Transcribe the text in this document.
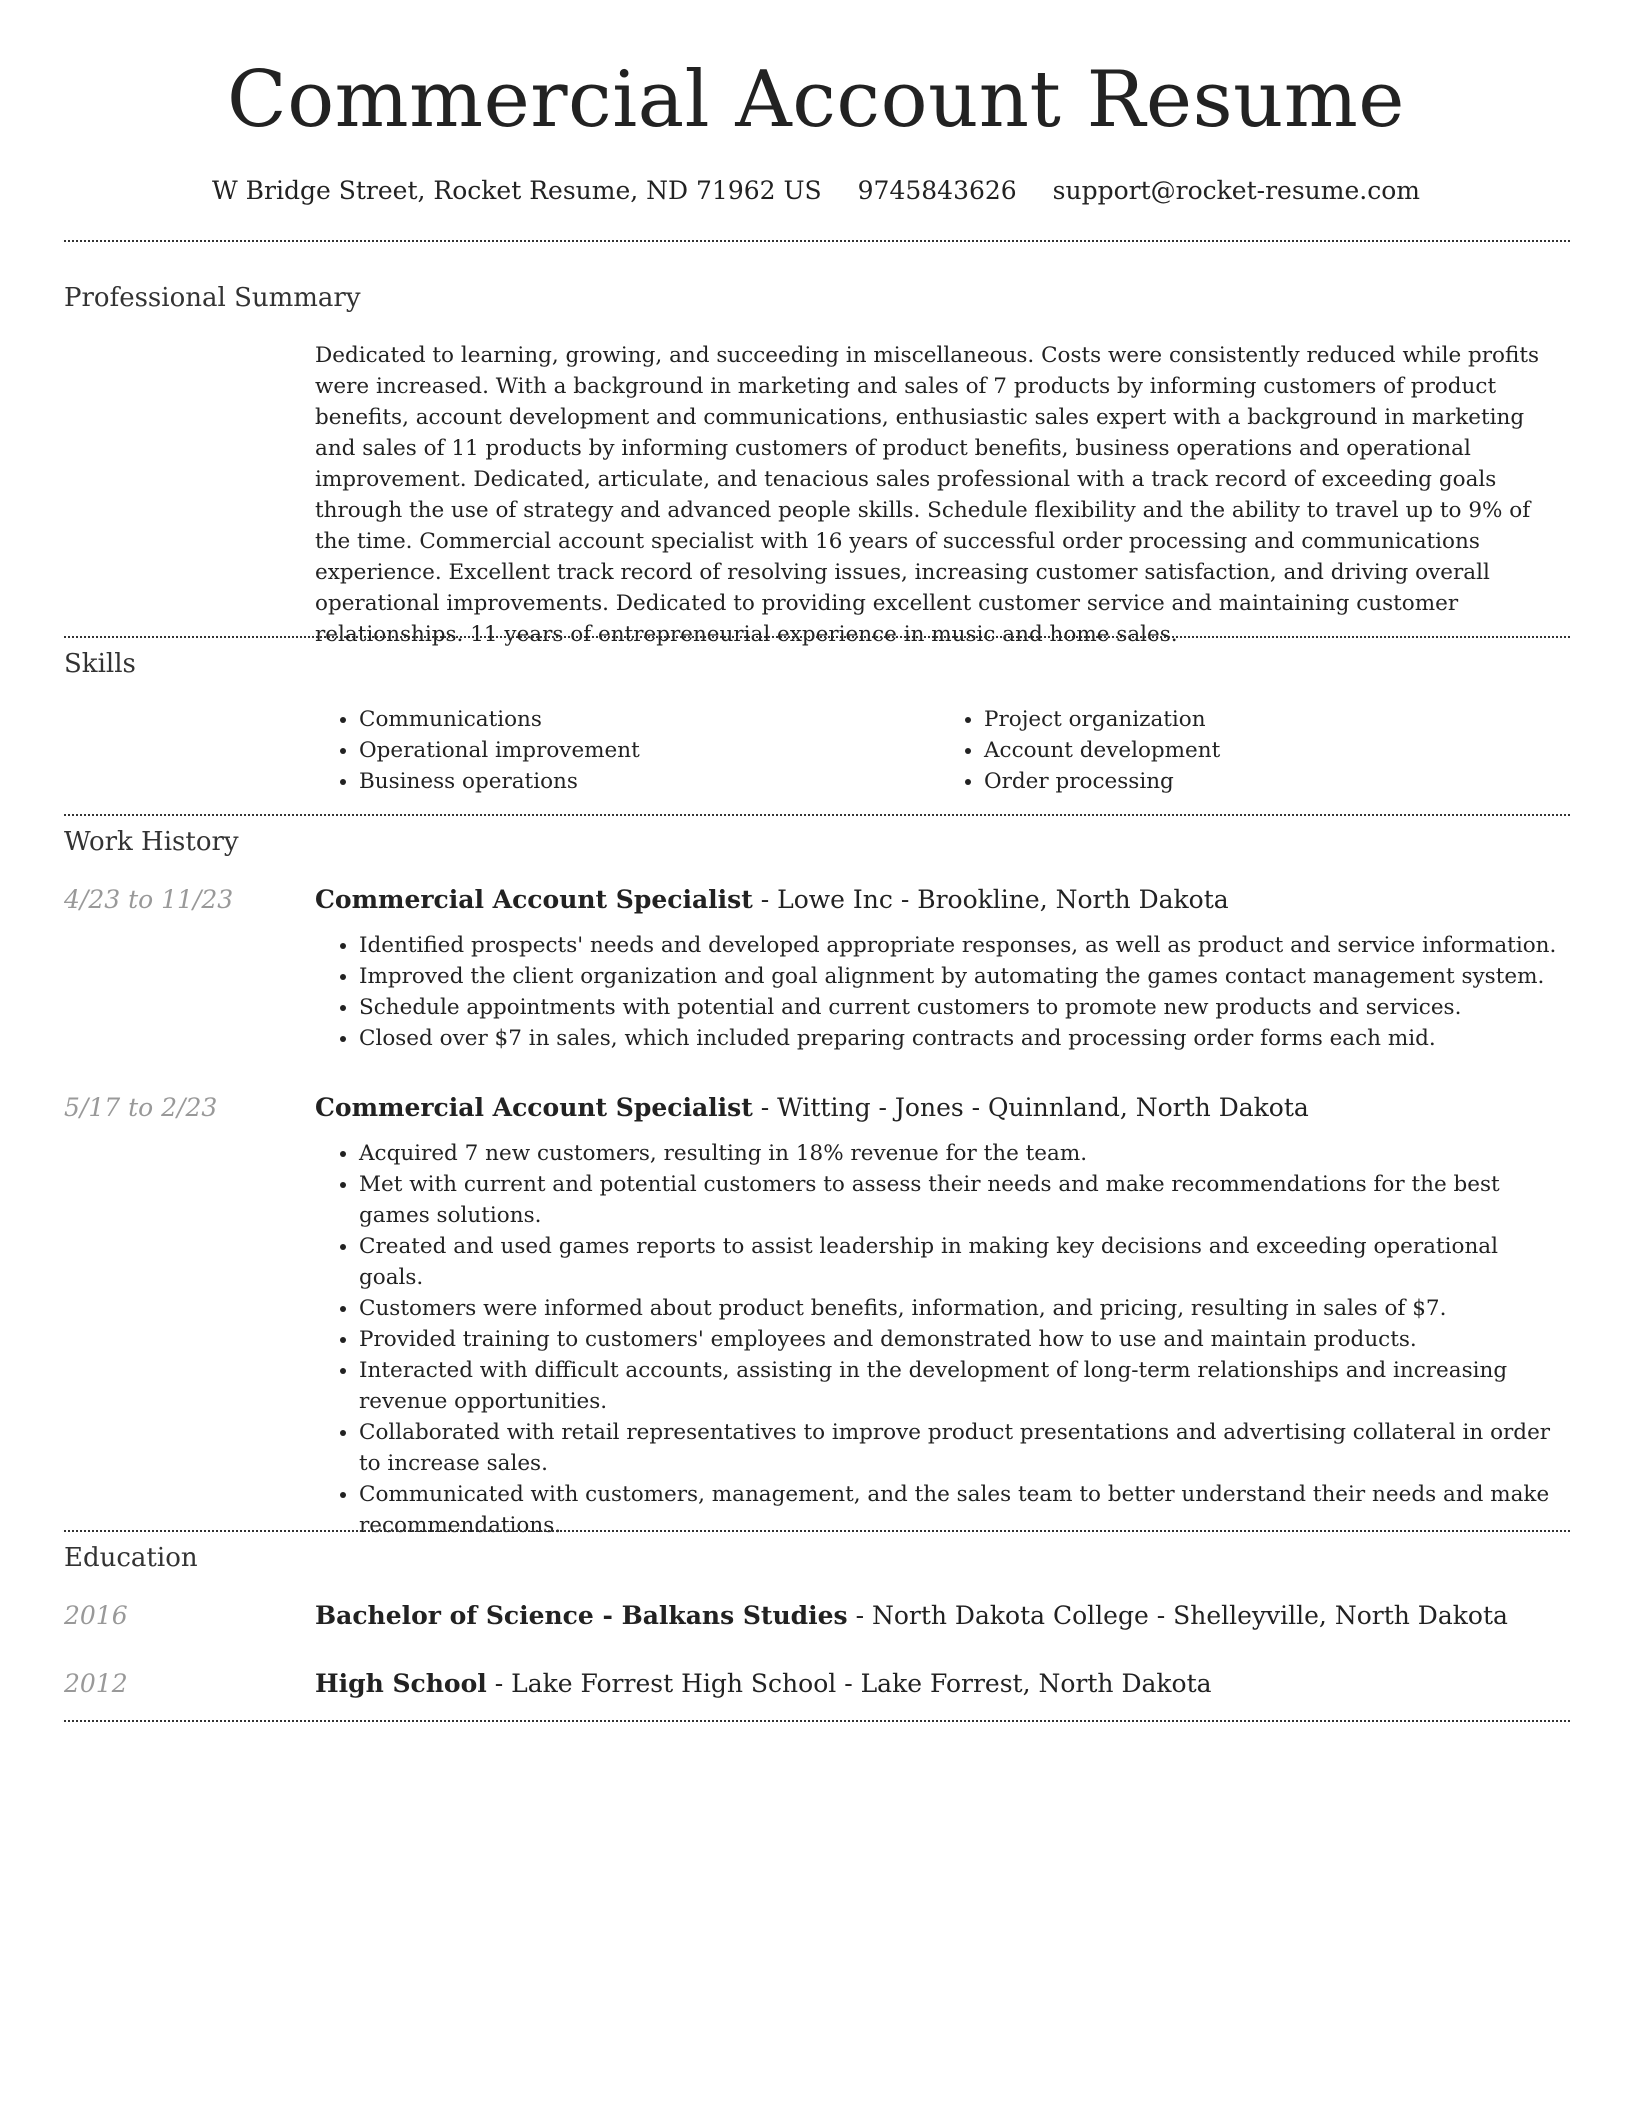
Commercial Account Resume
W Bridge Street, Rocket Resume, ND 71962 US 9745843626 support@rocket-resume.com
Professional Summary

Dedicated to learning, growing, and succeeding in miscellaneous. Costs were consistently reduced while profits were increased. With a background in marketing and sales of 7 products by informing customers of product benefits, account development and communications, enthusiastic sales expert with a background in marketing and sales of 11 products by informing customers of product benefits, business operations and operational improvement. Dedicated, articulate, and tenacious sales professional with a track record of exceeding goals through the use of strategy and advanced people skills. Schedule flexibility and the ability to travel up to 9% of the time. Commercial account specialist with 16 years of successful order processing and communications experience. Excellent track record of resolving issues, increasing customer satisfaction, and driving overall operational improvements. Dedicated to providing excellent customer service and maintaining customer relationships. 11 years of entrepreneurial experience in music and home sales.

Skills
• Communications
• Operational improvement
• Business operations
• Project organization
• Account development
• Order processing
Work History
4/23 to 11/23	Commercial Account Specialist - Lowe Inc - Brookline, North Dakota

• Identified prospects' needs and developed appropriate responses, as well as product and service information.
• Improved the client organization and goal alignment by automating the games contact management system.
• Schedule appointments with potential and current customers to promote new products and services.
• Closed over $7 in sales, which included preparing contracts and processing order forms each mid.
5/17 to 2/23	Commercial Account Specialist - Witting - Jones - Quinnland, North Dakota

• Acquired 7 new customers, resulting in 18% revenue for the team.
• Met with current and potential customers to assess their needs and make recommendations for the best games solutions.
• Created and used games reports to assist leadership in making key decisions and exceeding operational goals.
• Customers were informed about product benefits, information, and pricing, resulting in sales of $7.
• Provided training to customers' employees and demonstrated how to use and maintain products.
• Interacted with difficult accounts, assisting in the development of long-term relationships and increasing revenue opportunities.
• Collaborated with retail representatives to improve product presentations and advertising collateral in order to increase sales.
• Communicated with customers, management, and the sales team to better understand their needs and make recommendations.
Education
2016	Bachelor of Science - Balkans Studies - North Dakota College - Shelleyville, North Dakota

2012	High School - Lake Forrest High School - Lake Forrest, North Dakota
